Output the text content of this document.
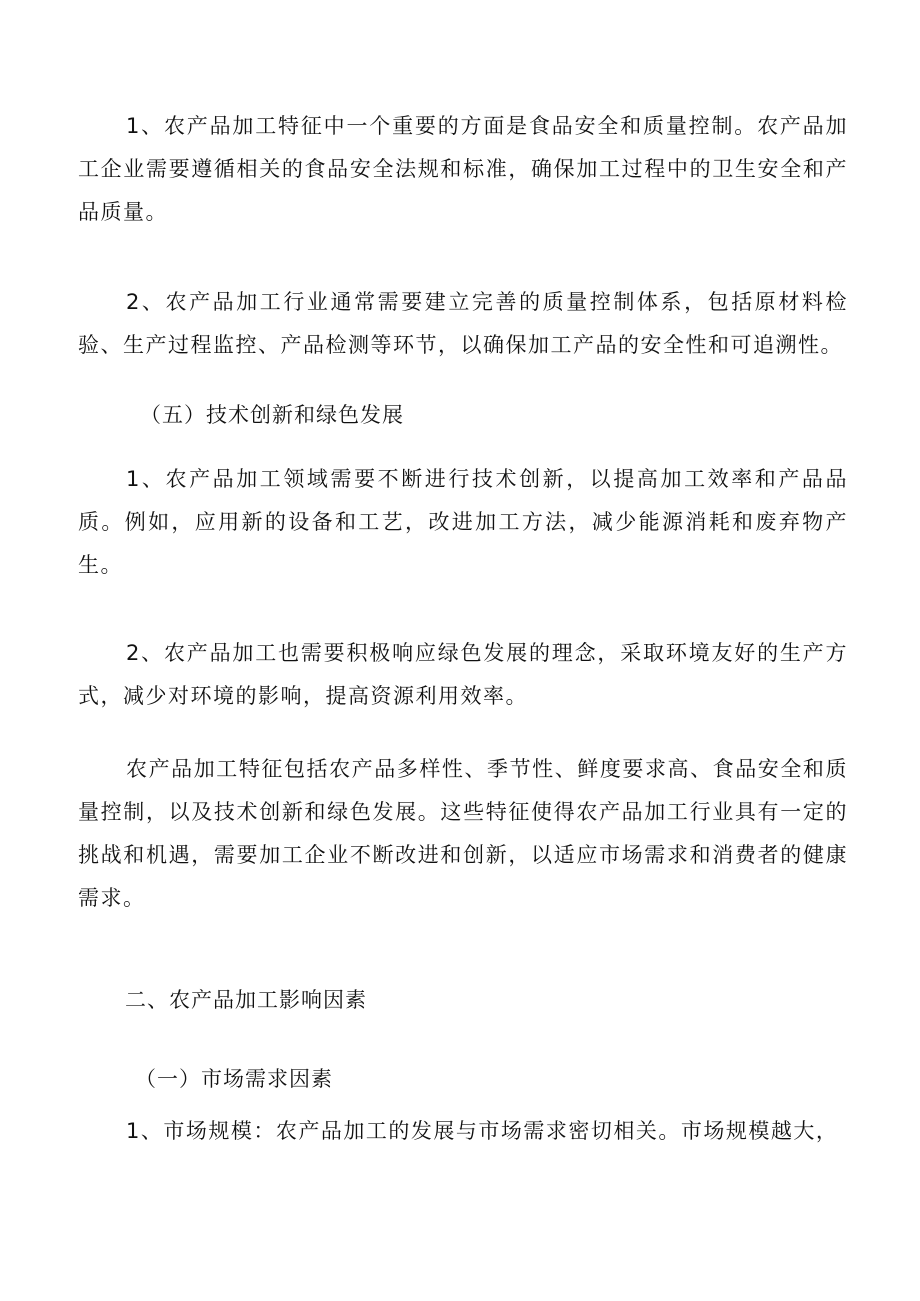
1、农产品加工特征中一个重要的方面是食品安全和质量控制。农产品加工企业需要遵循相关的食品安全法规和标准，确保加工过程中的卫生安全和产品质量。

2、农产品加工行业通常需要建立完善的质量控制体系，包括原材料检验、生产过程监控、产品检测等环节，以确保加工产品的安全性和可追溯性。

（五）技术创新和绿色发展

1、农产品加工领域需要不断进行技术创新，以提高加工效率和产品品质。例如，应用新的设备和工艺，改进加工方法，减少能源消耗和废弃物产生。

2、农产品加工也需要积极响应绿色发展的理念，采取环境友好的生产方式，减少对环境的影响，提高资源利用效率。

农产品加工特征包括农产品多样性、季节性、鲜度要求高、食品安全和质量控制，以及技术创新和绿色发展。这些特征使得农产品加工行业具有一定的挑战和机遇，需要加工企业不断改进和创新，以适应市场需求和消费者的健康需求。

二、农产品加工影响因素

（一）市场需求因素

1、市场规模：农产品加工的发展与市场需求密切相关。市场规模越大，
